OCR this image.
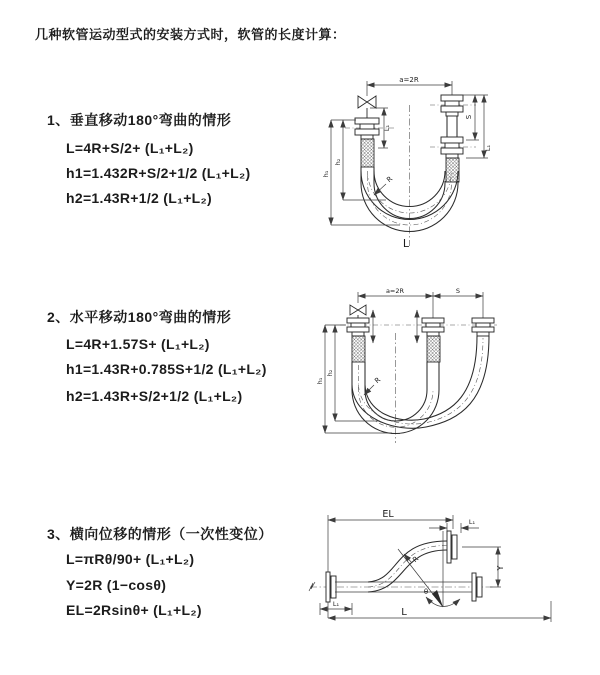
几种软管运动型式的安装方式时，软管的长度计算：
1、垂直移动180°弯曲的情形
L=4R+S/2+ (L₁+L₂)
h1=1.432R+S/2+1/2 (L₁+L₂)
h2=1.43R+1/2 (L₁+L₂)
2、水平移动180°弯曲的情形
L=4R+1.57S+ (L₁+L₂)
h1=1.43R+0.785S+1/2 (L₁+L₂)
h2=1.43R+S/2+1/2 (L₁+L₂)
3、横向位移的情形（一次性变位）
L=πRθ/90+ (L₁+L₂)
Y=2R (1−cosθ)
EL=2Rsinθ+ (L₁+L₂)
a=2R
S
L₁
L₁
h₁
h₂
R
L
a=2R	S
h₁
h₂
R
EL
L₁
θ
R
Y
L₁
L
